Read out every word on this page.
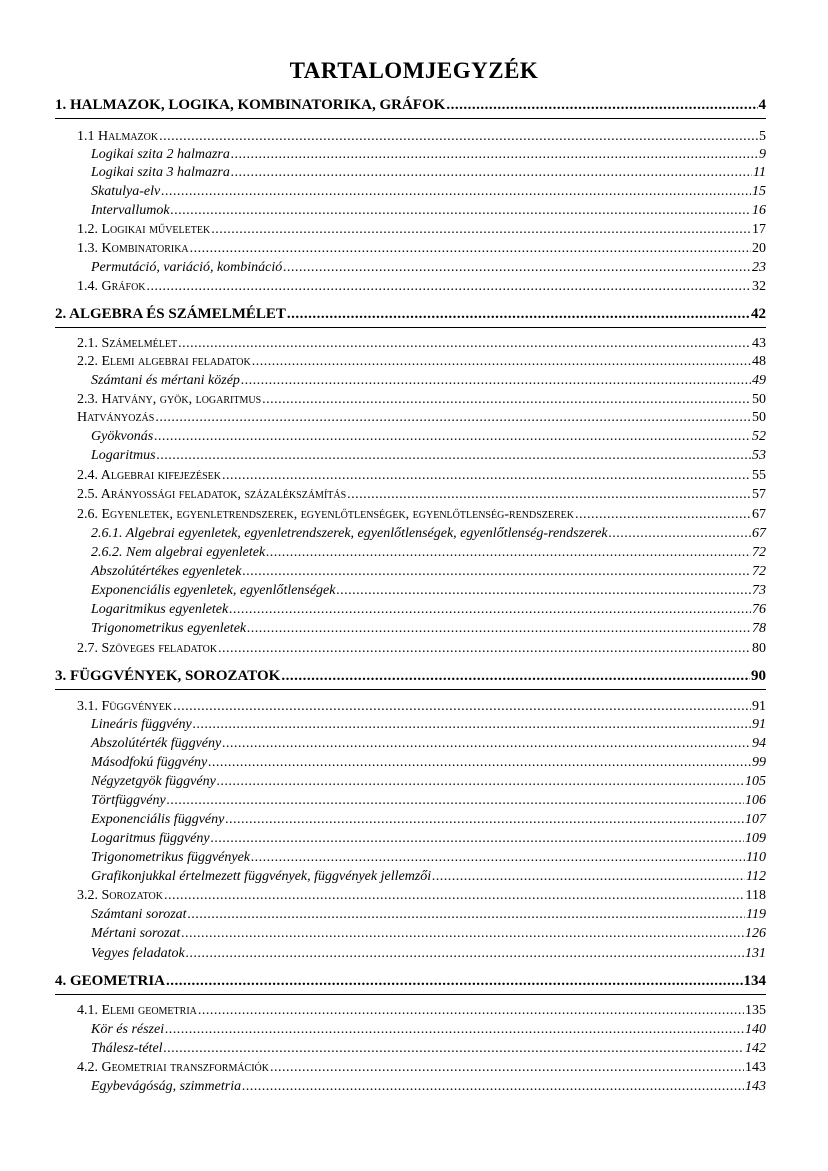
TARTALOMJEGYZÉK
1. HALMAZOK, LOGIKA, KOMBINATORIKA, GRÁFOK .....	4
1.1 Halmazok .....	5
Logikai szita 2 halmazra .....	9
Logikai szita 3 halmazra .....	11
Skatulya-elv .....	15
Intervallumok .....	16
1.2. Logikai műveletek .....	17
1.3. Kombinatorika .....	20
Permutáció, variáció, kombináció .....	23
1.4. Gráfok .....	32
2. ALGEBRA ÉS SZÁMELMÉLET .....	42
2.1. Számelmélet .....	43
2.2. Elemi algebrai feladatok .....	48
Számtani és mértani közép .....	49
2.3. Hatvány, gyök, logaritmus .....	50
Hatványozás .....	50
Gyökvonás .....	52
Logaritmus .....	53
2.4. Algebrai kifejezések .....	55
2.5. Arányossági feladatok, százalékszámítás .....	57
2.6. Egyenletek, egyenletrendszerek, egyenlőtlenségek, egyenlőtlenség-rendszerek .....	67
2.6.1. Algebrai egyenletek, egyenletrendszerek, egyenlőtlenségek, egyenlőtlenség-rendszerek .....	67
2.6.2. Nem algebrai egyenletek .....	72
Abszolútértékes egyenletek .....	72
Exponenciális egyenletek, egyenlőtlenségek .....	73
Logaritmikus egyenletek .....	76
Trigonometrikus egyenletek .....	78
2.7. Szöveges feladatok .....	80
3. FÜGGVÉNYEK, SOROZATOK .....	90
3.1. Függvények .....	91
Lineáris függvény .....	91
Abszolútérték függvény .....	94
Másodfokú függvény .....	99
Négyzetgyök függvény .....	105
Törtfüggvény .....	106
Exponenciális függvény .....	107
Logaritmus függvény .....	109
Trigonometrikus függvények .....	110
Grafikonjukkal értelmezett függvények, függvények jellemzői .....	112
3.2. Sorozatok .....	118
Számtani sorozat .....	119
Mértani sorozat .....	126
Vegyes feladatok .....	131
4. GEOMETRIA .....	134
4.1. Elemi geometria .....	135
Kör és részei .....	140
Thálesz-tétel .....	142
4.2. Geometriai transzformációk .....	143
Egybevágóság, szimmetria .....	143
